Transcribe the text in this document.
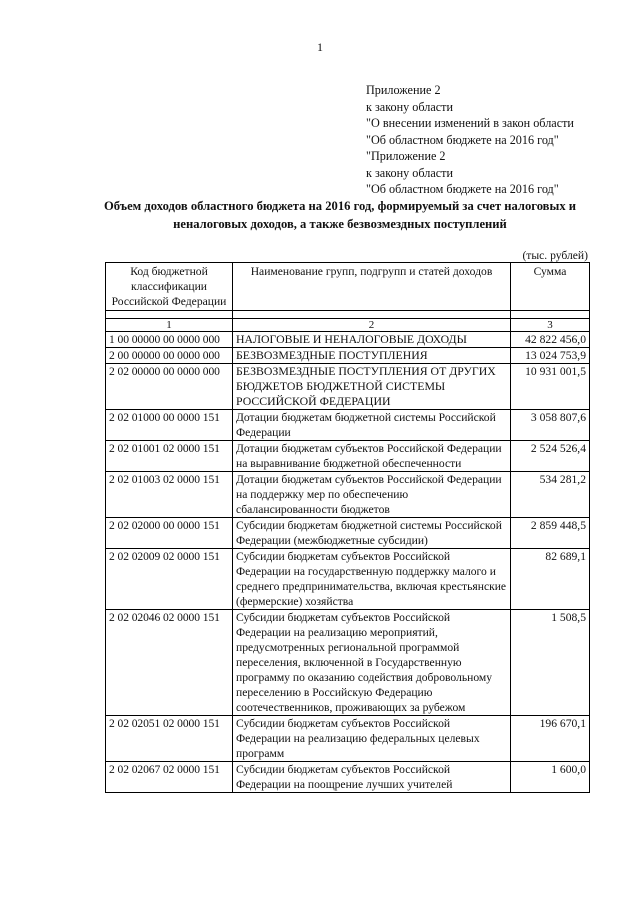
1
Приложение 2
к закону области
"О внесении изменений в закон области
"Об областном бюджете на 2016 год"
"Приложение 2
к закону области
"Об областном бюджете на 2016 год"
Объем доходов областного бюджета на 2016 год, формируемый за счет налоговых и
неналоговых доходов, а также безвозмездных поступлений
(тыс. рублей)
Код бюджетной классификации Российской Федерации	Наименование групп, подгрупп и статей доходов	Сумма

1	2	3
1 00 00000 00 0000 000	НАЛОГОВЫЕ И НЕНАЛОГОВЫЕ ДОХОДЫ	42 822 456,0
2 00 00000 00 0000 000	БЕЗВОЗМЕЗДНЫЕ ПОСТУПЛЕНИЯ	13 024 753,9
2 02 00000 00 0000 000	БЕЗВОЗМЕЗДНЫЕ ПОСТУПЛЕНИЯ ОТ ДРУГИХ БЮДЖЕТОВ БЮДЖЕТНОЙ СИСТЕМЫ РОССИЙСКОЙ ФЕДЕРАЦИИ	10 931 001,5
2 02 01000 00 0000 151	Дотации бюджетам бюджетной системы Российской Федерации	3 058 807,6
2 02 01001 02 0000 151	Дотации бюджетам субъектов Российской Федерации на выравнивание бюджетной обеспеченности	2 524 526,4
2 02 01003 02 0000 151	Дотации бюджетам субъектов Российской Федерации на поддержку мер по обеспечению сбалансированности бюджетов	534 281,2
2 02 02000 00 0000 151	Субсидии бюджетам бюджетной системы Российской Федерации (межбюджетные субсидии)	2 859 448,5
2 02 02009 02 0000 151	Субсидии бюджетам субъектов Российской Федерации на государственную поддержку малого и среднего предпринимательства, включая крестьянские (фермерские) хозяйства	82 689,1
2 02 02046 02 0000 151	Субсидии бюджетам субъектов Российской Федерации на реализацию мероприятий, предусмотренных региональной программой переселения, включенной в Государственную программу по оказанию содействия добровольному переселению в Российскую Федерацию соотечественников, проживающих за рубежом	1 508,5
2 02 02051 02 0000 151	Субсидии бюджетам субъектов Российской Федерации на реализацию федеральных целевых программ	196 670,1
2 02 02067 02 0000 151	Субсидии бюджетам субъектов Российской Федерации на поощрение лучших учителей	1 600,0
